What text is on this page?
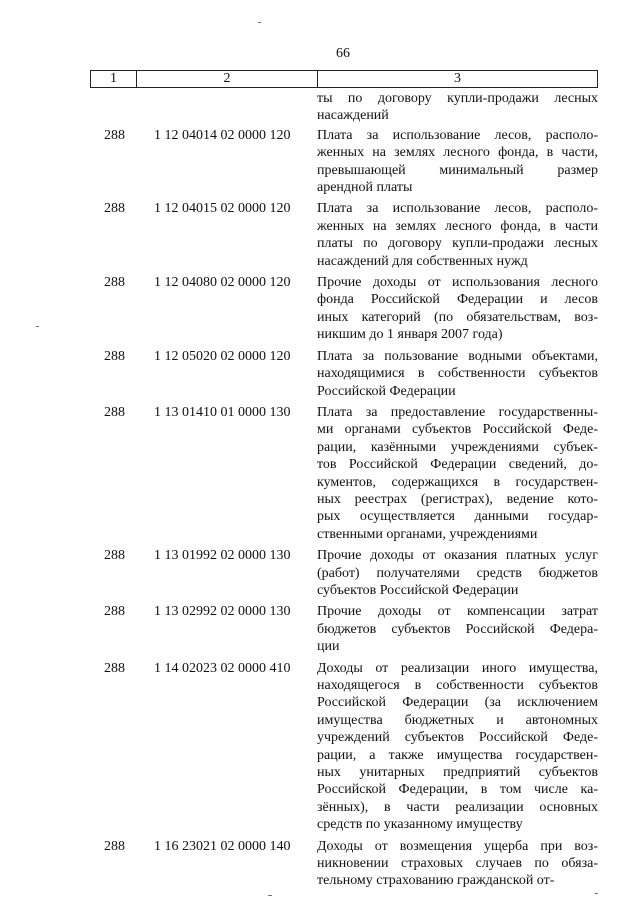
66
1	2	3
ты по договору купли-продажи лесных
насаждений
288	1 12 04014 02 0000 120	Плата за использование лесов, располо-
женных на землях лесного фонда, в части,
превышающей минимальный размер
арендной платы
288	1 12 04015 02 0000 120	Плата за использование лесов, располо-
женных на землях лесного фонда, в части
платы по договору купли-продажи лесных
насаждений для собственных нужд
288	1 12 04080 02 0000 120	Прочие доходы от использования лесного
фонда Российской Федерации и лесов
иных категорий (по обязательствам, воз-
никшим до 1 января 2007 года)
288	1 12 05020 02 0000 120	Плата за пользование водными объектами,
находящимися в собственности субъектов
Российской Федерации
288	1 13 01410 01 0000 130	Плата за предоставление государственны-
ми органами субъектов Российской Феде-
рации, казёнными учреждениями субъек-
тов Российской Федерации сведений, до-
кументов, содержащихся в государствен-
ных реестрах (регистрах), ведение кото-
рых осуществляется данными государ-
ственными органами, учреждениями
288	1 13 01992 02 0000 130	Прочие доходы от оказания платных услуг
(работ) получателями средств бюджетов
субъектов Российской Федерации
288	1 13 02992 02 0000 130	Прочие доходы от компенсации затрат
бюджетов субъектов Российской Федера-
ции
288	1 14 02023 02 0000 410	Доходы от реализации иного имущества,
находящегося в собственности субъектов
Российской Федерации (за исключением
имущества бюджетных и автономных
учреждений субъектов Российской Феде-
рации, а также имущества государствен-
ных унитарных предприятий субъектов
Российской Федерации, в том числе ка-
зённых), в части реализации основных
средств по указанному имуществу
288	1 16 23021 02 0000 140	Доходы от возмещения ущерба при воз-
никновении страховых случаев по обяза-
тельному страхованию гражданской от-
